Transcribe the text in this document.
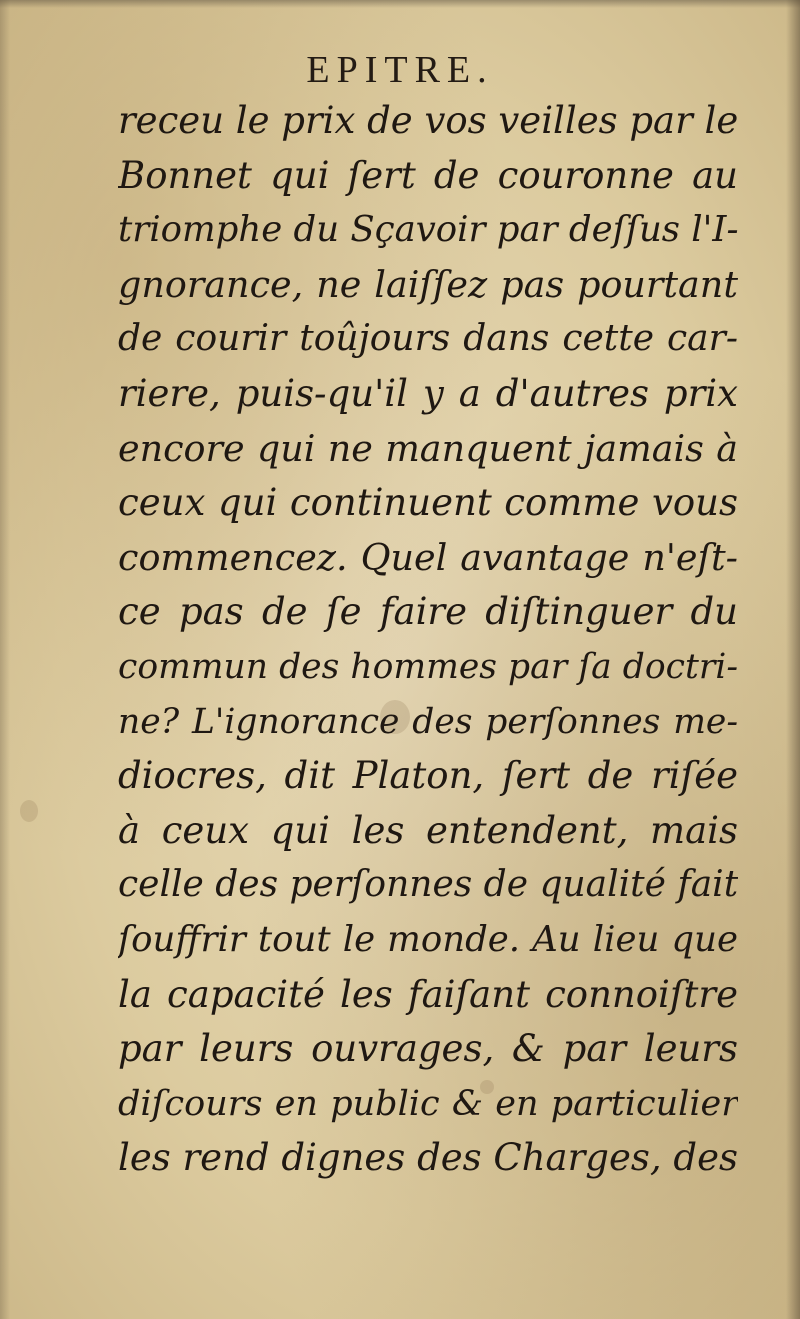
EPITRE.
receu le prix de vos veilles par le
Bonnet qui ſert de couronne au
triomphe du Sçavoir par deſſus l'I-
gnorance, ne laiſſez pas pourtant
de courir toûjours dans cette car-
riere, puis-qu'il y a d'autres prix
encore qui ne manquent jamais à
ceux qui continuent comme vous
commencez. Quel avantage n'eſt-
ce pas de ſe faire diſtinguer du
commun des hommes par ſa doctri-
ne? L'ignorance des perſonnes me-
diocres, dit Platon, ſert de riſée
à ceux qui les entendent, mais
celle des perſonnes de qualité fait
ſouffrir tout le monde. Au lieu que
la capacité les faiſant connoiſtre
par leurs ouvrages, & par leurs
diſcours en public & en particulier
les rend dignes des Charges, des
